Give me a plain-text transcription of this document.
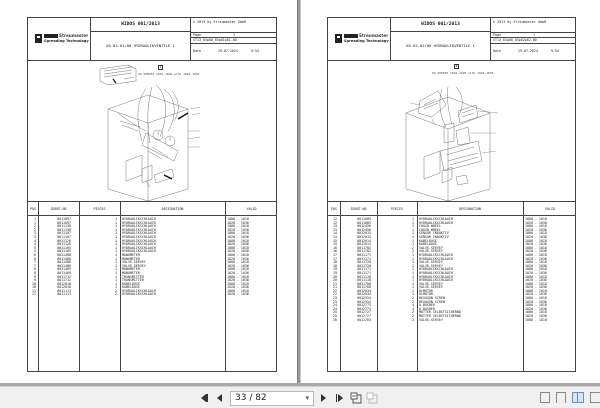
Streumaster
Spreading Technology
WIDOS 001/2013	© 2013 by Streumaster GmbH
05.02.01/00 HYDRAULIKVENTILE 1
Page	1
ST13_03p00_05p01p01-00
Date	29.07.2024	9:54
A
SD SERIES 1016-1026 with 1026-1036
POS	IDENT-NO	PIECES	DESIGNATION	VALID
1	0011097	1 HYDRAULIKSCHLAUCH	1000 - 1018
1	0011097	1 HYDRAULIKSCHLAUCH	1020 - 1036
2	0011138	1 HYDRAULIKSCHLAUCH	1000 - 1018
2	0011138	1 HYDRAULIKSCHLAUCH	1020 - 1036
3	0011107	1 HYDRAULIKSCHLAUCH	1000 - 1018
3	0011107	1 HYDRAULIKSCHLAUCH	1020 - 1036
4	0011126	1 HYDRAULIKSCHLAUCH	1000 - 1018
4	0011126	1 HYDRAULIKSCHLAUCH	1020 - 1036
5	0011165	1 HYDRAULIKSCHLAUCH	1000 - 1018
5	0011165	1 HYDRAULIKSCHLAUCH	1020 - 1036
6	0011468	1 MANOMETER	1000 - 1018
6	0011468	1 MANOMETER	1020 - 1036
7	0011486	1 VALVE-SERVEY	1000 - 1018
7	0011486	1 VALVE-SERVEY	1020 - 1036
8	0011469	1 MANOMETER	1000 - 1018
8	0011469	1 MANOMETER	1020 - 1036
9	0011712	1 TRANSMITTER	1000 - 1018
9	0011712	1 TRANSMITTER	1020 - 1036
10	0012016	1 KABELDOSE	1000 - 1018
10	0012016	1 KABELDOSE	1020 - 1036
11	0011113	2 HYDRAULIKSCHLAUCH	1000 - 1018
11	0011113	2 HYDRAULIKSCHLAUCH	1020 - 1036
Streumaster
Spreading Technology
WIDOS 001/2013	© 2013 by Streumaster GmbH
05.02.02/00 HYDRAULIKVENTILE 1
Page	1
ST13_03p00_05p02p02-00
Date	29.07.2024	9:54
B
SD SERIES 1016-1026 with 1026-1036
POS	IDENT-NO	PIECES	DESIGNATION	VALID
12	0011085	1 HYDRAULIKSCHLAUCH	1000 - 1018
12	0011085	1 HYDRAULIKSCHLAUCH	1020 - 1036
13	0012456	1 CHAIN WHEEL	1000 - 1018
13	0012456	1 CHAIN WHEEL	1020 - 1036
14	0012015	1 SENSOR INDUKTIV	1000 - 1018
14	0012015	1 SENSOR INDUKTIV	1020 - 1036
15	0012014	1 KABELDOSE	1000 - 1018
15	0012014	1 KABELDOSE	1020 - 1036
16	0011702	2 VALVE-SERVEY	1000 - 1018
16	0011702	2 VALVE-SERVEY	1020 - 1036
17	0011171	1 HYDRAULIKSCHLAUCH	1000 - 1018
17	0011171	1 HYDRAULIKSCHLAUCH	1020 - 1036
18	0011720	1 VALVE-SERVEY	1000 - 1018
18	0011720	1 VALVE-SERVEY	1020 - 1036
19	0011171	1 HYDRAULIKSCHLAUCH	1000 - 1018
19	0011171	1 HYDRAULIKSCHLAUCH	1020 - 1036
20	0011118	1 HYDRAULIKSCHLAUCH	1000 - 1018
20	0011118	1 HYDRAULIKSCHLAUCH	1020 - 1036
21	0011700	1 VALVE-SERVEY	1000 - 1018
21	0011700	1 VALVE-SERVEY	1020 - 1036
22	0012034	1 ÖLMOTOR	1000 - 1018
22	0012034	1 ÖLMOTOR	1020 - 1036
23	0012554	2 HEXAGON SCREW	1000 - 1018
23	0012554	2 HEXAGON SCREW	1020 - 1036
24	0012773	4 U-BASHER	1000 - 1018
24	0012773	4 U-BASHER	1020 - 1036
25	0012727	2 MUTTER SELBSTSICHERND	1000 - 1018
25	0012727	2 MUTTER SELBSTSICHERND	1020 - 1036
26	0011704	3 VALVE-SERVEY	1000 - 1018
33 / 82	▾
